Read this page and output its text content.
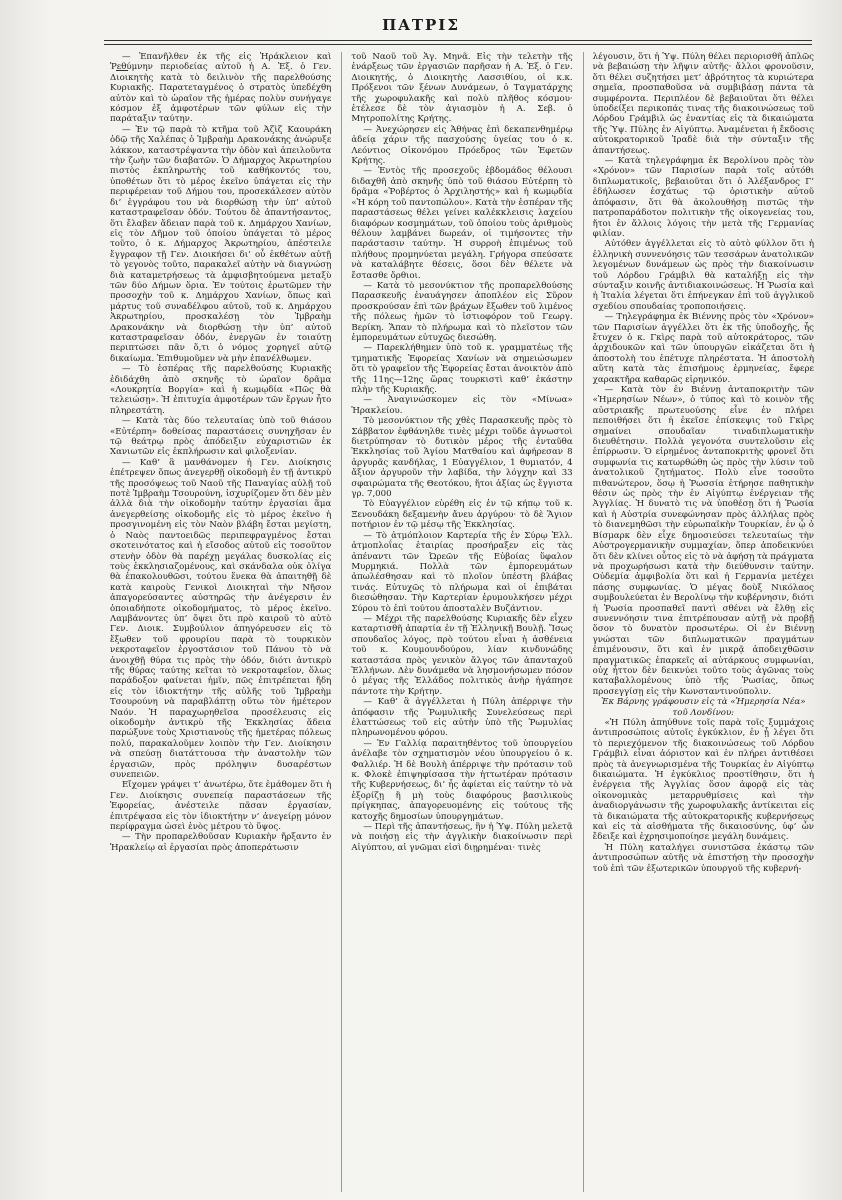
ΠΑΤΡΙΣ

— Ἐπανῆλθεν ἐκ τῆς εἰς Ἡράκλειον καὶ Ῥεθύμνην περιοδείας αὐτοῦ ἡ Α. Ἐξ. ὁ Γεν. Διοικητὴς κατὰ τὸ δειλινὸν τῆς παρελθούσης Κυριακῆς. Παρατεταγμένος ὁ στρατὸς ὑπεδέχθη αὐτὸν καὶ τὸ ὡραῖον τῆς ἡμέρας πολὺν συνήγαγε κόσμον ἐξ ἀμφοτέρων τῶν φύλων εἰς τὴν παράταξιν ταύτην.

— Ἐν τῷ παρὰ τὸ κτῆμα τοῦ Ἀζὶζ Καουράκη ὁδῷ τῆς Χαλέπας ὁ Ἰμβραὴμ Δρακονάκης ἀνώρυξε λάκκον, καταστρέψαντα τὴν ὁδὸν καὶ ἀπειλοῦντα τὴν ζωὴν τῶν διαβατῶν. Ὁ Δήμαρχος Ἀκρωτηρίου πιστὸς ἐκπληρωτὴς τοῦ καθήκοντός του, ὑποθέτων ὅτι τὸ μέρος ἐκεῖνο ὑπάγεται εἰς τὴν περιφέρειαν τοῦ Δήμου του, προσεκάλεσεν αὐτὸν δι’ ἐγγράφου του νὰ διορθώσῃ τὴν ὑπ’ αὐτοῦ καταστραφεῖσαν ὁδόν. Τούτου δὲ ἀπαντήσαντος, ὅτι ἔλαβεν ἄδειαν παρὰ τοῦ κ. Δημάρχου Χανίων, εἰς τὸν Δῆμον τοῦ ὁποίου ὑπάγεται τὸ μέρος τοῦτο, ὁ κ. Δήμαρχος Ἀκρωτηρίου, ἀπέστειλε ἔγγραφον τῇ Γεν. Διοικήσει δι’ οὗ ἐκθέτων αὐτῇ τὸ γεγονὸς τοῦτο, παρακαλεῖ αὐτὴν νὰ διαγνώσῃ διὰ καταμετρήσεως τὰ ἀμφισβητούμενα μεταξὺ τῶν δύο Δήμων ὅρια. Ἐν τούτοις ἐρωτῶμεν τὴν προσοχὴν τοῦ κ. Δημάρχου Χανίων, ὅπως καὶ μάρτυς τοῦ συναδέλφου αὐτοῦ, τοῦ κ. Δημάρχου Ἀκρωτηρίου, προσκαλέσῃ τὸν Ἰμβραὴμ Δρακονάκην νὰ διορθώσῃ τὴν ὑπ’ αὐτοῦ καταστραφεῖσαν ὁδόν, ἐνεργῶν ἐν τοιαύτῃ περιπτώσει πᾶν ὅ,τι ὁ νόμος χορηγεῖ αὐτῷ δικαίωμα. Ἐπιθυμοῦμεν νὰ μὴν ἐπανέλθωμεν.

— Τὸ ἑσπέρας τῆς παρελθούσης Κυριακῆς ἐδιδάχθη ἀπὸ σκηνῆς τὸ ὡραῖον δρᾶμα «Λουκρητία Βοργία» καὶ ἡ κωμῳδία «Πῶς θὰ τελειώσῃ». Ἡ ἐπιτυχία ἀμφοτέρων τῶν ἔργων ἦτο πληρεστάτη.

— Κατὰ τὰς δύο τελευταίας ὑπὸ τοῦ θιάσου «Εὐτέρπη» δοθείσας παραστάσεις συνηχῆσαν ἐν τῷ θεάτρῳ πρὸς ἀπόδειξιν εὐχαριστιῶν ἐκ Χανιωτῶν εἰς ἐκπλήρωσιν καὶ φιλοξενίαν.

— Καθ’ ἃ μανθάνομεν ἡ Γεν. Διοίκησις ἐπέτρεψεν ὅπως ἀνεγερθῇ οἰκοδομὴ ἐν τῇ ἀντικρὺ τῆς προσόψεως τοῦ Ναοῦ τῆς Παναγίας αὐλῇ τοῦ ποτὲ Ἰμβραὴμ Τσουρούνη, ἰσχυρίζομεν ὅτι δὲν μὲν ἀλλὰ διὰ τὴν οἰκοδομὴν ταύτην ἐργασίαι ἅμα ἀνεγερθείσης οἰκοδομῆς εἰς τὸ μέρος ἐκεῖνο ἡ προσγινομένη εἰς τὸν Ναὸν βλάβη ἔσται μεγίστη, ὁ Ναὸς παντοειδῶς περιπεφραγμένος ἔσται σκοτεινότατος καὶ ἡ εἴσοδος αὐτοῦ εἰς τοσοῦτον στενὴν ὁδὸν θὰ παρέχῃ μεγάλας δυσκολίας εἰς τοὺς ἐκκλησιαζομένους, καὶ σκάνδαλα οὐκ ὀλίγα θὰ ἐπακολουθῶσι, τούτου ἕνεκα θὰ ἀπαιτηθῇ δὲ κατὰ καιροὺς Γενικοὶ Διοικηταὶ τὴν Νῆσον ἀπαγορεύσαντες αὐστηρῶς τὴν ἀνέγερσιν ἐν ὁποιαδήποτε οἰκοδομήματος, τὸ μέρος ἐκεῖνο. Λαμβάνοντες ὑπ’ ὄψει ὅτι πρὸ καιροῦ τὸ αὐτὸ Γεν. Διοικ. Συμβούλιον ἀπηγόρευσεν εἰς τὸ ἔξωθεν τοῦ φρουρίου παρὰ τὸ τουρκικὸν νεκροταφεῖον ἐργοστάσιον τοῦ Πάνου τὸ νὰ ἀνοιχθῇ θύρα τις πρὸς τὴν ὁδόν, διότι ἀντικρὺ τῆς θύρας ταύτης κεῖται τὸ νεκροταφεῖον, ὅλως παράδοξον φαίνεται ἡμῖν, πῶς ἐπιτρέπεται ἤδη εἰς τὸν ἰδιοκτήτην τῆς αὐλῆς τοῦ Ἰμβραὴμ Τσουρούνη νὰ παραβλάπτῃ οὕτω τὸν ἡμέτερον Ναόν. Ἡ παραχωρηθεῖσα προσέλευσις εἰς οἰκοδομὴν ἀντικρὺ τῆς Ἐκκλησίας ἄδεια παρώξυνε τοὺς Χριστιανοὺς τῆς ἡμετέρας πόλεως πολύ, παρακαλοῦμεν λοιπὸν τὴν Γεν. Διοίκησιν νὰ σπεύσῃ διατάττουσα τὴν ἀναστολὴν τῶν ἐργασιῶν, πρὸς πρόληψιν δυσαρέστων συνεπειῶν.

Εἴχομεν γράψει τ’ ἀνωτέρω, ὅτε ἐμάθομεν ὅτι ἡ Γεν. Διοίκησις συνεπείᾳ παραστάσεων τῆς Ἐφορείας, ἀνέστειλε πᾶσαν ἐργασίαν, ἐπιτρέψασα εἰς τὸν ἰδιοκτήτην ν’ ἀνεγείρῃ μόνον περίφραγμα ὡσεὶ ἑνὸς μέτρου τὸ ὕψος.

— Τὴν προπαρελθοῦσαν Κυριακὴν ἤρξαντο ἐν Ἡρακλείῳ αἱ ἐργασίαι πρὸς ἀποπεράτωσιν

τοῦ Ναοῦ τοῦ Ἁγ. Μηνᾶ. Εἰς τὴν τελετὴν τῆς ἐνάρξεως τῶν ἐργασιῶν παρῆσαν ἡ Α. Ἐξ. ὁ Γεν. Διοικητής, ὁ Διοικητὴς Λασσιθίου, οἱ κ.κ. Πρόξενοι τῶν ξένων Δυνάμεων, ὁ Ταγματάρχης τῆς χωροφυλακῆς καὶ πολὺ πλῆθος κόσμου· ἐτέλεσε δὲ τὸν ἁγιασμὸν ἡ Α. Σεβ. ὁ Μητροπολίτης Κρήτης.

— Ἀνεχώρησεν εἰς Ἀθήνας ἐπὶ δεκαπενθημέρῳ ἀδείᾳ χάριν τῆς πασχούσης ὑγείας του ὁ κ. Λεόντιος Οἰκονόμου Πρόεδρος τῶν Ἐφετῶν Κρήτης.

— Ἐντὸς τῆς προσεχοῦς ἑβδομάδος θέλουσι διδαχθῆ ἀπὸ σκηνῆς ὑπὸ τοῦ θιάσου Εὐτέρπη τὸ δρᾶμα «Ῥοβέρτος ὁ Ἀρχιληστής» καὶ ἡ κωμῳδία «Ἡ κόρη τοῦ παντοπώλου». Κατὰ τὴν ἑσπέραν τῆς παραστάσεως θέλει γείνει καλέκκλεισις λαχείου διαφόρων κοσμημάτων, τοῦ ὁποίου τοὺς ἀριθμοὺς θέλουν λαμβάνει δωρεάν, οἱ τιμήσοντες τὴν παράστασιν ταύτην. Ἡ συρροὴ ἐπιμένως τοῦ πλήθους προμηνύεται μεγάλη. Γρήγορα σπεύσατε νὰ καταλάβητε θέσεις, ὅσοι δὲν θέλετε νὰ ἔστασθε ὄρθιοι.

— Κατὰ τὸ μεσονύκτιον τῆς προπαρελθούσης Παρασκευῆς ἐναυάγησεν ἀποπλέον εἰς Σῦρον προσκρούσαν ἐπὶ τῶν βράχων ἔξωθεν τοῦ λιμένος τῆς πόλεως ἡμῶν τὸ ἱστιοφόρον τοῦ Γεωργ. Βερίκη. Ἅπαν τὸ πλήρωμα καὶ τὸ πλεῖστον τῶν ἐμπορευμάτων εὐτυχῶς διεσώθη.

— Παρεκλήθημεν ὑπὸ τοῦ κ. γραμματέως τῆς τμηματικῆς Ἐφορείας Χανίων νὰ σημειώσωμεν ὅτι τὸ γραφεῖον τῆς Ἐφορείας ἔσται ἀνοικτὸν ἀπὸ τῆς 11ης—12ης ὥρας τουρκιστὶ καθ’ ἑκάστην πλὴν τῆς Κυριακῆς.

— Ἀναγινώσκομεν εἰς τὸν «Μίνωα» Ἡρακλείου.

Τὸ μεσονύκτιον τῆς χθὲς Παρασκευῆς πρὸς τὸ Σάββατον ἐφθάνηλθε τινὲς μέχρι τοῦδε ἀγνωστοὶ διετρύπησαν τὸ δυτικὸν μέρος τῆς ἐνταῦθα Ἐκκλησίας τοῦ Ἁγίου Ματθαίου καὶ ἀφήρεσαν 8 ἀργυρᾶς κανδήλας, 1 Εὐαγγέλιον, 1 θυμιατόν, 4 ἄξιον ἀργυροῦν τὴν λαβίδα, τὴν λόγχην καὶ 33 σφαιρώματα τῆς Θεοτόκου, ἥτοι ἀξίας ὡς ἔγγιστα γρ. 7,000

Τὸ Εὐαγγέλιον εὑρέθη εἰς ἐν τῷ κήπῳ τοῦ κ. Ξενουδάκη δεξαμενὴν ἄνευ ἀργύρου· τὸ δὲ Ἅγιον ποτήριον ἐν τῷ μέσῳ τῆς Ἐκκλησίας.

— Τὸ ἀτμόπλοιον Καρτερία τῆς ἐν Σύρῳ Ἑλλ. ἀτμοπλοΐας ἑταιρίας προσήραξεν εἰς τὰς ἀπέναντι τῶν Ὠρεῶν τῆς Εὐβοίας ὕφαλον Μυρμηκιά. Πολλὰ τῶν ἐμπορευμάτων ἀπωλέσθησαν καὶ τὸ πλοῖον ὑπέστη βλάβας τινάς. Εὐτυχῶς τὸ πλήρωμα καὶ οἱ ἐπιβάται διεσώθησαν. Τὴν Καρτερίαν ἐρυμουλκήσεν μέχρι Σύρου τὸ ἐπὶ τούτου ἀποσταλὲν Βυζάντιον.

— Μέχρι τῆς παρελθούσης Κυριακῆς δὲν εἶχεν καταρτισθῆ ἀπαρτία ἐν τῇ Ἑλληνικῇ Βουλῇ. Ἴσως σπουδαῖος λόγος, πρὸ τούτου εἶναι ἡ ἀσθένεια τοῦ κ. Κουμουνδούρου, λίαν κινδυνώδης καταστάσα πρὸς γενικὸν ἄλγος τῶν ἁπανταχοῦ Ἑλλήνων. Δὲν δυνάμεθα νὰ λησμονήσωμεν πόσον ὁ μέγας τῆς Ἑλλάδος πολιτικὸς ἀνὴρ ἠγάπησε πάντοτε τὴν Κρήτην.

— Καθ’ ἃ ἀγγέλλεται ἡ Πύλη ἀπέρριψε τὴν ἀπόφασιν τῆς Ῥωμυλικῆς Συνελεύσεως περὶ ἐλαττώσεως τοῦ εἰς αὐτὴν ὑπὸ τῆς Ῥωμυλίας πληρωνομένου φόρου.

— Ἐν Γαλλίᾳ παραιτηθέντος τοῦ ὑπουργείου ἀνέλαβε τὸν σχηματισμὸν νέου ὑπουργείου ὁ κ. Φαλλιέρ. Ἡ δὲ Βουλὴ ἀπέρριψε τὴν πρότασιν τοῦ κ. Φλοκὲ ἐπιψηφίσασα τὴν ἡττωτέραν πρότασιν τῆς Κυβερνήσεως, δι’ ἧς ἀφίεται εἰς ταύτην τὸ νὰ ἐξορίζῃ ἢ μὴ τοὺς διαφόρους βασιλικοὺς πρίγκηπας, ἀπαγορευομένης εἰς τούτους τῆς κατοχῆς δημοσίων ὑπουργημάτων.

— Περὶ τῆς ἀπαντήσεως, ἣν ἡ Ὑψ. Πύλη μελετᾷ νὰ ποιήσῃ εἰς τὴν ἀγγλικὴν διακοίνωσιν περὶ Αἰγύπτου, αἱ γνῶμαι εἰσὶ διῃρημέναι· τινὲς

λέγουσιν, ὅτι ἡ Ὑψ. Πύλη θέλει περιορισθῆ ἁπλῶς νὰ βεβαιώσῃ τὴν λῆψιν αὐτῆς· ἄλλοι φρονοῦσιν, ὅτι θέλει συζητήσει μετ’ ἀβρότητος τὰ κυριώτερα σημεῖα, προσπαθοῦσα νὰ συμβιβάσῃ πάντα τὰ συμφέροντα. Περιπλέον δὲ βεβαιοῦται ὅτι θέλει ὑποδείξει περικοπάς τινας τῆς διακοινώσεως τοῦ Λόρδου Γράμβιλ ὡς ἐναντίας εἰς τὰ δικαιώματα τῆς Ὑψ. Πύλης ἐν Αἰγύπτῳ. Ἀναμένεται ἡ ἔκδοσις αὐτοκρατορικοῦ Ἰραδὲ διὰ τὴν σύνταξιν τῆς ἀπαντήσεως.

— Κατὰ τηλεγράφημα ἐκ Βερολίνου πρὸς τὸν «Χρόνον» τῶν Παρισίων παρὰ τοῖς αὐτόθι διπλωματικοῖς, βεβαιοῦται ὅτι ὁ Ἀλέξανδρος Γ’ ἐδήλωσεν ἐσχάτως τῷ ὀριστικὴν αὐτοῦ ἀπόφασιν, ὅτι θὰ ἀκολουθήσῃ πιστῶς τὴν πατροπαράδοτον πολιτικὴν τῆς οἰκογενείας του, ἤτοι ἐν ἄλλοις λόγοις τὴν μετὰ τῆς Γερμανίας φιλίαν.

Αὐτόθεν ἀγγέλλεται εἰς τὸ αὐτὸ φύλλον ὅτι ἡ ἐλληνικὴ συννενόησις τῶν τεσσάρων ἀνατολικῶν λεγομένων δυνάμεων ὡς πρὸς τὴν διακοίνωσιν τοῦ Λόρδου Γράμβιλ θὰ καταλήξῃ εἰς τὴν σύνταξιν κοινῆς ἀντιδιακοινώσεως. Ἡ Ῥωσία καὶ ἡ Ἰταλία λέγεται ὅτι ἐπήνεγκαν ἐπὶ τοῦ ἀγγλικοῦ σχεδίου σπουδαίας τροποποιήσεις.

— Τηλεγράφημα ἐκ Βιέννης πρὸς τὸν «Χρόνον» τῶν Παρισίων ἀγγέλλει ὅτι ἐκ τῆς ὑποδοχῆς, ἧς ἔτυχεν ὁ κ. Γκὶρς παρὰ τοῦ αὐτοκράτορος, τῶν ἀρχιδουκῶν καὶ τῶν ὑπουργῶν εἰκάζεται ὅτι ἡ ἀποστολὴ του ἐπέτυχε πληρέστατα. Ἡ ἀποστολὴ αὕτη κατὰ τὰς ἐπισήμους ἐρμηνείας, ἔφερε χαρακτῆρα καθαρῶς εἰρηνικόν.

— Κατὰ τὸν ἐν Βιέννῃ ἀνταποκριτὴν τῶν «Ἡμερησίων Νέων», ὁ τύπος καὶ τὸ κοινὸν τῆς αὐστριακῆς πρωτευούσης εἶνε ἐν πλήρει πεποιθήσει ὅτι ἡ ἐκεῖσε ἐπίσκεψις τοῦ Γκὶρς σημαίνει σπουδαῖαν τιναδιπλωματικὴν διευθέτησιν. Πολλὰ γεγονότα συντελοῦσιν εἰς ἐπίρρωσιν. Ὁ εἰρημένος ἀνταποκριτὴς φρονεῖ ὅτι συμφωνία τις κατωρθώθη ὡς πρὸς τὴν λύσιν τοῦ ἀνατολικοῦ ζητήματος. Πολὺ εἶνε τοσοῦτο πιθανώτερον, ὅσῳ ἡ Ῥωσσία ἐτήρησε παθητικὴν θέσιν ὡς πρὸς τὴν ἐν Αἰγύπτῳ ἐνέργειαν τῆς Ἀγγλίας. Ἡ δυνατὸ τις νὰ ὑποθέσῃ ὅτι ἡ Ῥωσία καὶ ἡ Αὐστρία συνεφώνησαν πρὸς ἀλλήλας πρὸς τὸ διανεμηθῶσι τὴν εὐρωπαϊκὴν Τουρκίαν, ἐν ᾧ ὁ Βίσμαρκ δὲν εἶχε δημοσιεύσει τελευταίως τὴν Αὐστρογερμανικὴν συμμαχίαν, ὅπερ ἀποδεικνύει ὅτι δὲν κλίνει οὗτος εἰς τὸ νὰ ἀφήσῃ τὰ πράγματα νὰ προχωρήσωσι κατὰ τὴν διεύθυνσιν ταύτην. Οὐδεμία ἀμφιβολία ὅτι καὶ ἡ Γερμανία μετέχει πάσης συμφωνίας. Ὁ μέγας δοὺξ Νικόλαος συμβουλεύεται ἐν Βερολίνῳ τὴν κυβέρνησιν, διότι ἡ Ῥωσία προσπαθεῖ παντὶ σθένει νὰ ἔλθῃ εἰς συνεννόησιν τινα ἐπιτρέπουσαν αὐτῇ νὰ προβῇ ὅσον τὸ δυνατὸν προσωτέρω. Οἱ ἐν Βιέννῃ γνώσται τῶν διπλωματικῶν πραγμάτων ἐπιμένουσιν, ὅτι καὶ ἐν μικρᾷ ἀποδειχθῶσιν πραγματικῶς ἐπαρκεῖς αἱ αὐτάρκους συμφωνίαι, οὐχ ἧττον δὲν δεικνύει τοῦτο τοὺς ἀγῶνας τοὺς καταβαλλομένους ὑπὸ τῆς Ῥωσίας, ὅπως προσεγγίσῃ εἰς τὴν Κωνσταντινούπολιν.

Ἐκ Βάρνης γράφουσιν εἰς τὰ «Ἡμερησία Νέα» τοῦ Λονδίνου:

«Ἡ Πύλη ἀπηύθυνε τοῖς παρὰ τοῖς ξυμμάχοις ἀντιπροσώποις αὐτοῖς ἐγκύκλιον, ἐν ᾗ λέγει ὅτι τὸ περιεχόμενον τῆς διακοινώσεως τοῦ Λόρδου Γράμβιλ εἶναι ἀόριστον καὶ ἐν πλήρει ἀντιθέσει πρὸς τὰ ἀνεγνωρισμένα τῆς Τουρκίας ἐν Αἰγύπτῳ δικαιώματα. Ἡ ἐγκύκλιος προστίθησιν, ὅτι ἡ ἐνέργεια τῆς Ἀγγλίας ὅσον ἀφορᾷ εἰς τὰς οἰκονομικὰς μεταρρυθμίσεις καὶ τὴν ἀναδιοργάνωσιν τῆς χωροφυλακῆς ἀντίκειται εἰς τὰ δικαιώματα τῆς αὐτοκρατορικῆς κυβερνήσεως καὶ εἰς τὰ αἰσθήματα τῆς δικαιοσύνης, ὑφ’ ὧν ἔδειξε καὶ ἐχρησιμοποίησε μεγάλη δυνάμεις.

Ἡ Πύλη καταλήγει συνιστῶσα ἑκάστῳ τῶν ἀντιπροσώπων αὐτῆς νὰ ἐπιστήσῃ τὴν προσοχὴν τοῦ ἐπὶ τῶν ἐξωτερικῶν ὑπουργοῦ τῆς κυβερνή-
